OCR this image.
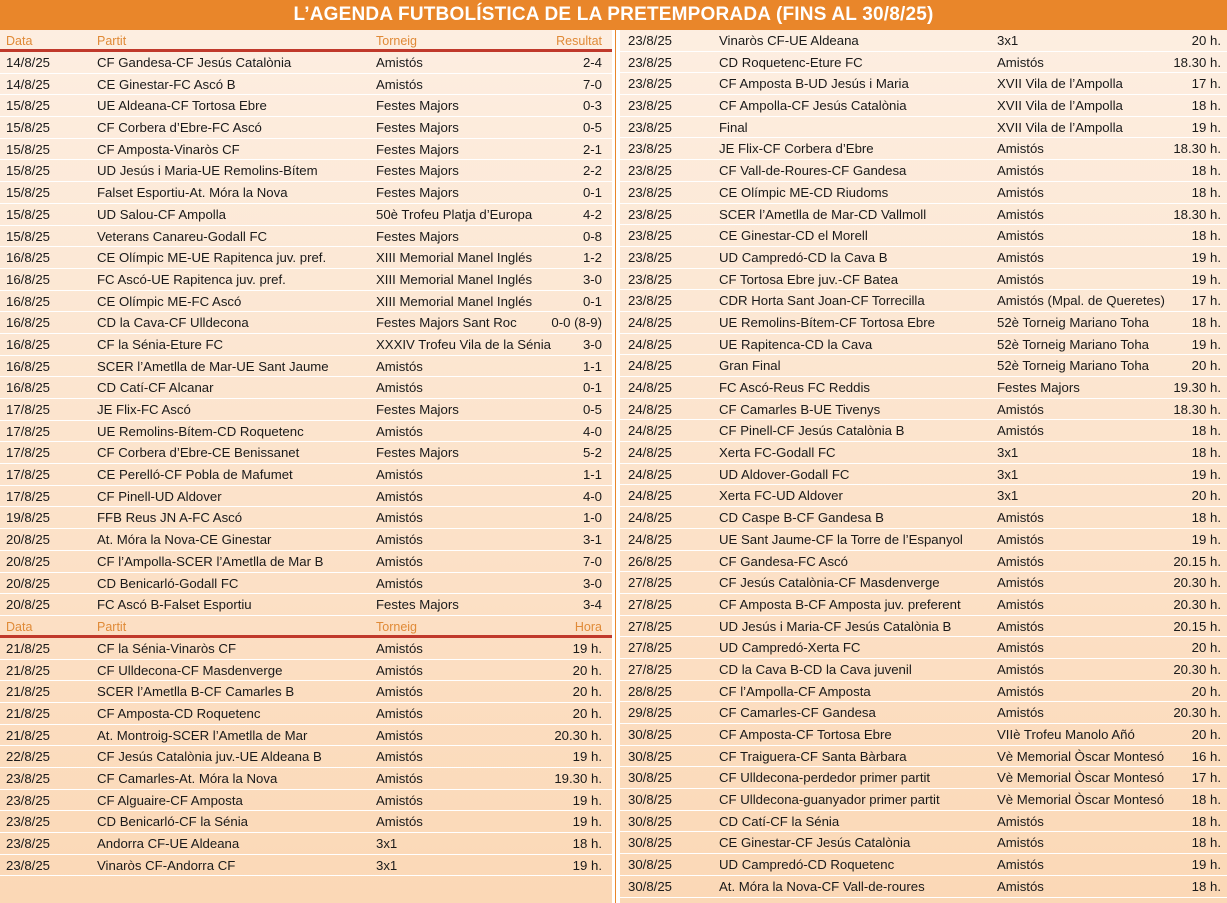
L’AGENDA FUTBOLÍSTICA DE LA PRETEMPORADA (FINS AL 30/8/25)
Data	Partit	Torneig	Resultat
14/8/25	CF Gandesa-CF Jesús Catalònia	Amistós	2-4
14/8/25	CE Ginestar-FC Ascó B	Amistós	7-0
15/8/25	UE Aldeana-CF Tortosa Ebre	Festes Majors	0-3
15/8/25	CF Corbera d’Ebre-FC Ascó	Festes Majors	0-5
15/8/25	CF Amposta-Vinaròs CF	Festes Majors	2-1
15/8/25	UD Jesús i Maria-UE Remolins-Bítem	Festes Majors	2-2
15/8/25	Falset Esportiu-At. Móra la Nova	Festes Majors	0-1
15/8/25	UD Salou-CF Ampolla	50è Trofeu Platja d’Europa	4-2
15/8/25	Veterans Canareu-Godall FC	Festes Majors	0-8
16/8/25	CE Olímpic ME-UE Rapitenca juv. pref.	XIII Memorial Manel Inglés	1-2
16/8/25	FC Ascó-UE Rapitenca juv. pref.	XIII Memorial Manel Inglés	3-0
16/8/25	CE Olímpic ME-FC Ascó	XIII Memorial Manel Inglés	0-1
16/8/25	CD la Cava-CF Ulldecona	Festes Majors Sant Roc	0-0 (8-9)
16/8/25	CF la Sénia-Eture FC	XXXIV Trofeu Vila de la Sénia 3-0
16/8/25	SCER l’Ametlla de Mar-UE Sant Jaume	Amistós	1-1
16/8/25	CD Catí-CF Alcanar	Amistós	0-1
17/8/25	JE Flix-FC Ascó	Festes Majors	0-5
17/8/25	UE Remolins-Bítem-CD Roquetenc	Amistós	4-0
17/8/25	CF Corbera d’Ebre-CE Benissanet	Festes Majors	5-2
17/8/25	CE Perelló-CF Pobla de Mafumet	Amistós	1-1
17/8/25	CF Pinell-UD Aldover	Amistós	4-0
19/8/25	FFB Reus JN A-FC Ascó	Amistós	1-0
20/8/25	At. Móra la Nova-CE Ginestar	Amistós	3-1
20/8/25	CF l’Ampolla-SCER l’Ametlla de Mar B	Amistós	7-0
20/8/25	CD Benicarló-Godall FC	Amistós	3-0
20/8/25	FC Ascó B-Falset Esportiu	Festes Majors	3-4
Data	Partit	Torneig	Hora
21/8/25	CF la Sénia-Vinaròs CF	Amistós	19 h.
21/8/25	CF Ulldecona-CF Masdenverge	Amistós	20 h.
21/8/25	SCER l’Ametlla B-CF Camarles B	Amistós	20 h.
21/8/25	CF Amposta-CD Roquetenc	Amistós	20 h.
21/8/25	At. Montroig-SCER l’Ametlla de Mar	Amistós	20.30 h.
22/8/25	CF Jesús Catalònia juv.-UE Aldeana B	Amistós	19 h.
23/8/25	CF Camarles-At. Móra la Nova	Amistós	19.30 h.
23/8/25	CF Alguaire-CF Amposta	Amistós	19 h.
23/8/25	CD Benicarló-CF la Sénia	Amistós	19 h.
23/8/25	Andorra CF-UE Aldeana	3x1	18 h.
23/8/25	Vinaròs CF-Andorra CF	3x1	19 h.
23/8/25	Vinaròs CF-UE Aldeana	3x1	20 h.
23/8/25	CD Roquetenc-Eture FC	Amistós	18.30 h.
23/8/25	CF Amposta B-UD Jesús i Maria	XVII Vila de l’Ampolla	17 h.
23/8/25	CF Ampolla-CF Jesús Catalònia	XVII Vila de l’Ampolla	18 h.
23/8/25	Final	XVII Vila de l’Ampolla	19 h.
23/8/25	JE Flix-CF Corbera d’Ebre	Amistós	18.30 h.
23/8/25	CF Vall-de-Roures-CF Gandesa	Amistós	18 h.
23/8/25	CE Olímpic ME-CD Riudoms	Amistós	18 h.
23/8/25	SCER l’Ametlla de Mar-CD Vallmoll	Amistós	18.30 h.
23/8/25	CE Ginestar-CD el Morell	Amistós	18 h.
23/8/25	UD Campredó-CD la Cava B	Amistós	19 h.
23/8/25	CF Tortosa Ebre juv.-CF Batea	Amistós	19 h.
23/8/25	CDR Horta Sant Joan-CF Torrecilla	Amistós (Mpal. de Queretes) 17 h.
24/8/25	UE Remolins-Bítem-CF Tortosa Ebre	52è Torneig Mariano Toha	18 h.
24/8/25	UE Rapitenca-CD la Cava	52è Torneig Mariano Toha	19 h.
24/8/25	Gran Final	52è Torneig Mariano Toha	20 h.
24/8/25	FC Ascó-Reus FC Reddis	Festes Majors	19.30 h.
24/8/25	CF Camarles B-UE Tivenys	Amistós	18.30 h.
24/8/25	CF Pinell-CF Jesús Catalònia B	Amistós	18 h.
24/8/25	Xerta FC-Godall FC	3x1	18 h.
24/8/25	UD Aldover-Godall FC	3x1	19 h.
24/8/25	Xerta FC-UD Aldover	3x1	20 h.
24/8/25	CD Caspe B-CF Gandesa B	Amistós	18 h.
24/8/25	UE Sant Jaume-CF la Torre de l’Espanyol	Amistós	19 h.
26/8/25	CF Gandesa-FC Ascó	Amistós	20.15 h.
27/8/25	CF Jesús Catalònia-CF Masdenverge	Amistós	20.30 h.
27/8/25	CF Amposta B-CF Amposta juv. preferent	Amistós	20.30 h.
27/8/25	UD Jesús i Maria-CF Jesús Catalònia B	Amistós	20.15 h.
27/8/25	UD Campredó-Xerta FC	Amistós	20 h.
27/8/25	CD la Cava B-CD la Cava juvenil	Amistós	20.30 h.
28/8/25	CF l’Ampolla-CF Amposta	Amistós	20 h.
29/8/25	CF Camarles-CF Gandesa	Amistós	20.30 h.
30/8/25	CF Amposta-CF Tortosa Ebre	VIIè Trofeu Manolo Añó	20 h.
30/8/25	CF Traiguera-CF Santa Bàrbara	Vè Memorial Òscar Montesó 16 h.
30/8/25	CF Ulldecona-perdedor primer partit	Vè Memorial Òscar Montesó 17 h.
30/8/25	CF Ulldecona-guanyador primer partit	Vè Memorial Òscar Montesó 18 h.
30/8/25	CD Catí-CF la Sénia	Amistós	18 h.
30/8/25	CE Ginestar-CF Jesús Catalònia	Amistós	18 h.
30/8/25	UD Campredó-CD Roquetenc	Amistós	19 h.
30/8/25	At. Móra la Nova-CF Vall-de-roures	Amistós	18 h.
